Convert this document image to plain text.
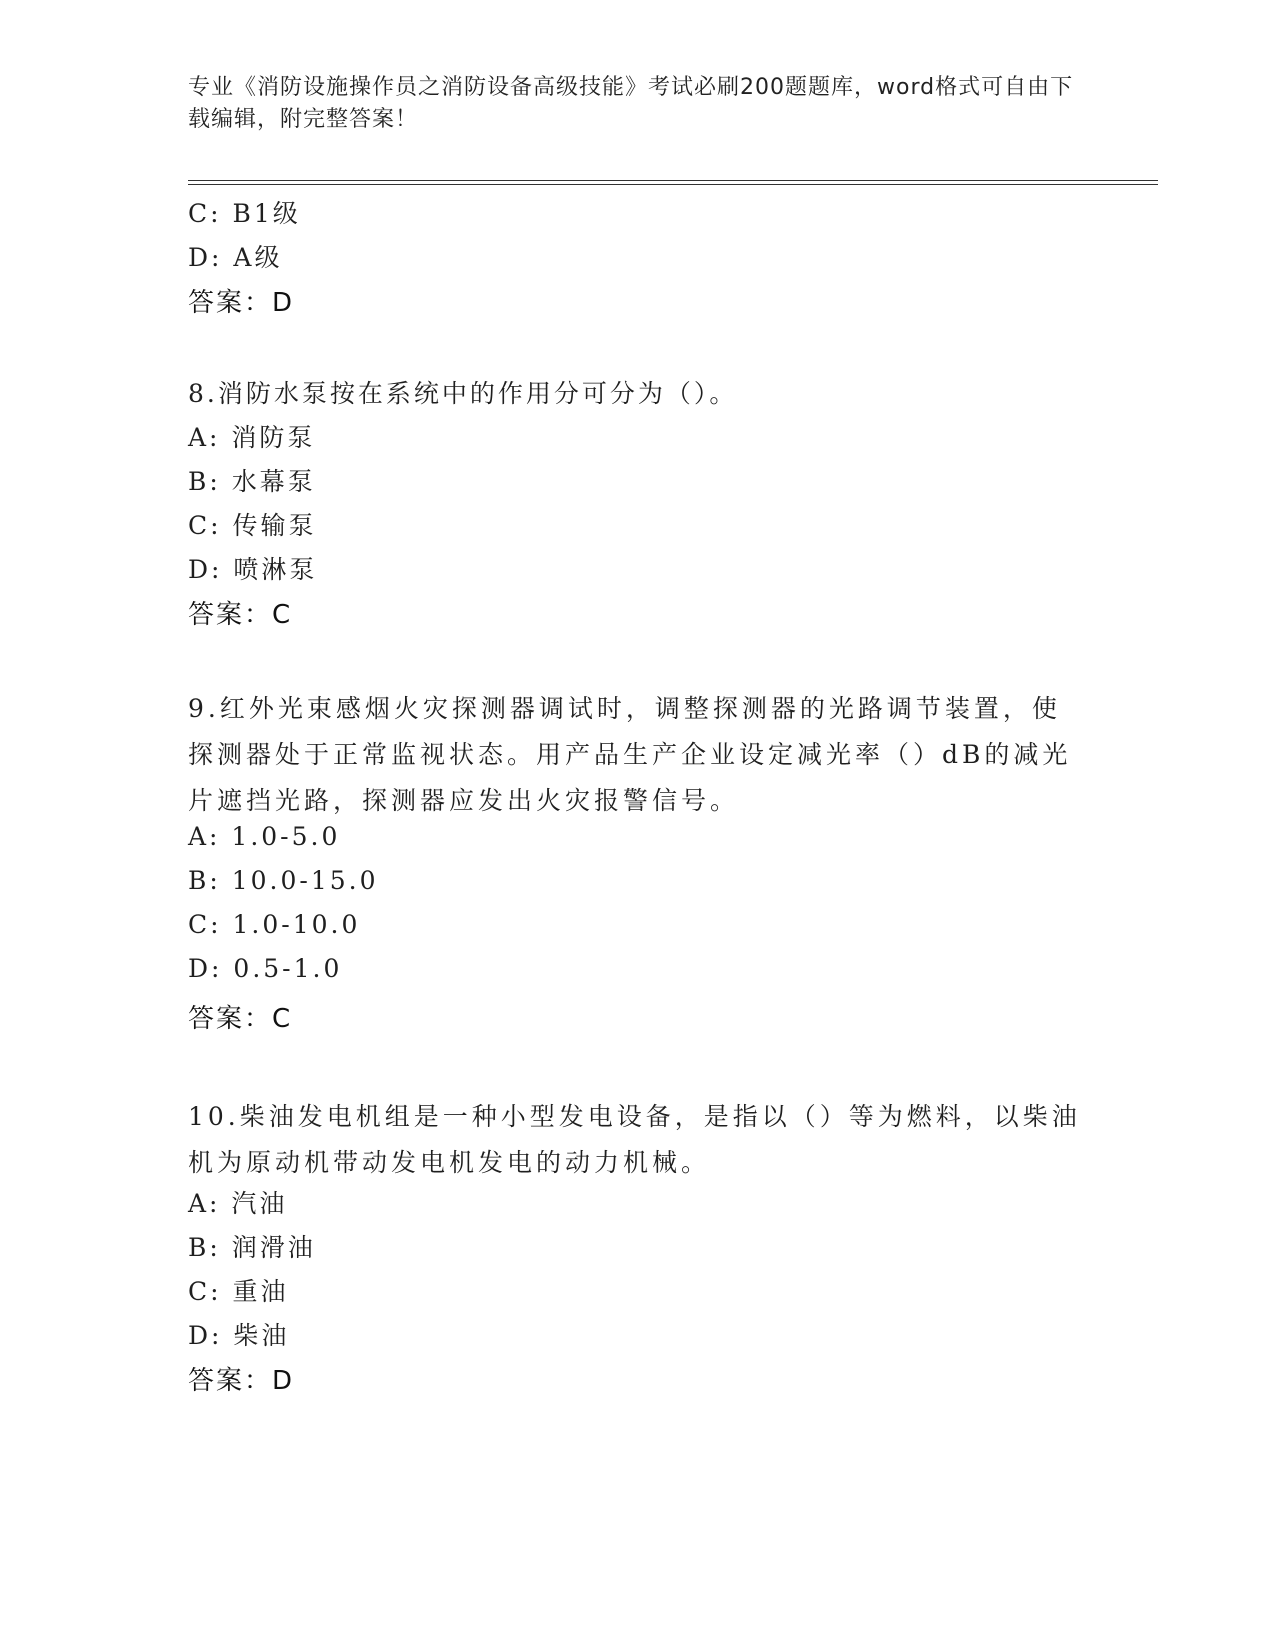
专业《消防设施操作员之消防设备高级技能》考试必刷200题题库，word格式可自由下载编辑，附完整答案！
C: B1级
D: A级
答案：D
8.消防水泵按在系统中的作用分可分为（）。
A: 消防泵
B: 水幕泵
C: 传输泵
D: 喷淋泵
答案：C
9.红外光束感烟火灾探测器调试时，调整探测器的光路调节装置，使探测器处于正常监视状态。用产品生产企业设定减光率（）dB的减光片遮挡光路，探测器应发出火灾报警信号。
A: 1.0-5.0
B: 10.0-15.0
C: 1.0-10.0
D: 0.5-1.0
答案：C
10.柴油发电机组是一种小型发电设备，是指以（）等为燃料，以柴油机为原动机带动发电机发电的动力机械。
A: 汽油
B: 润滑油
C: 重油
D: 柴油
答案：D
